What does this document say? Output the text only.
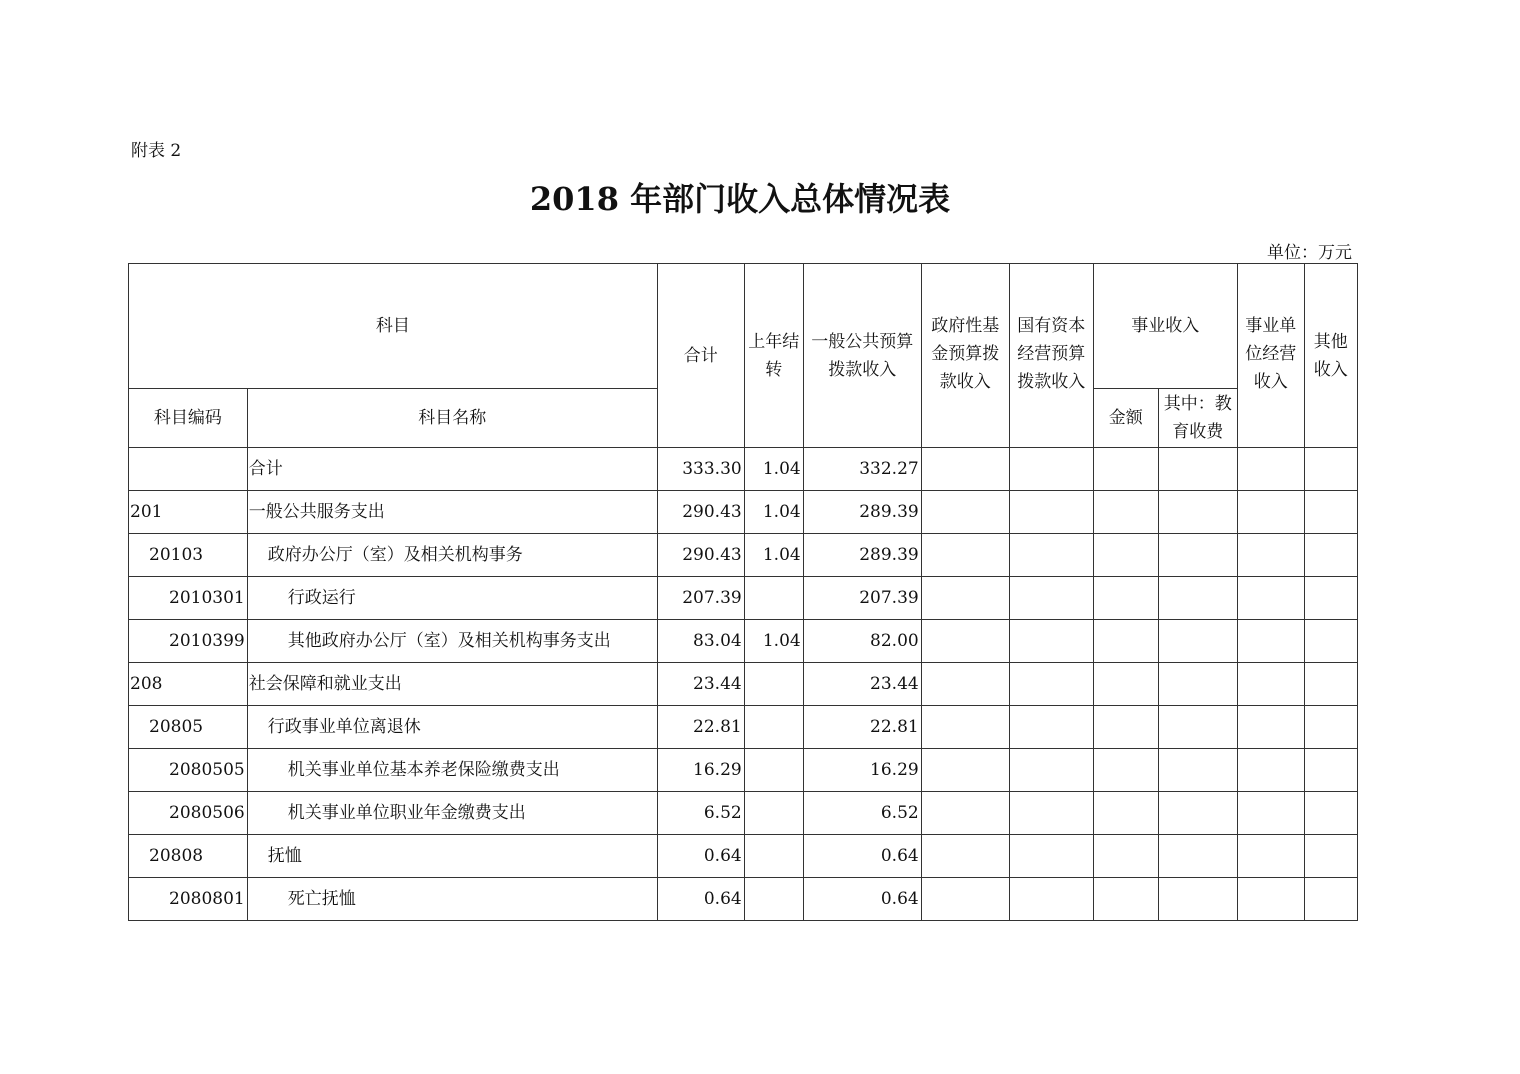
附表 2
2018 年部门收入总体情况表
单位：万元
科目		合计	上年结转	一般公共预算拨款收入	政府性基金预算拨款收入	国有资本经营预算拨款收入	事业收入		事业单位经营收入	其他收入
科目编码	科目名称						金额	其中：教育收费		
	合计	333.30	1.04	332.27						
201	一般公共服务支出	290.43	1.04	289.39						
20103	政府办公厅（室）及相关机构事务	290.43	1.04	289.39						
2010301	行政运行	207.39		207.39						
2010399	其他政府办公厅（室）及相关机构事务支出	83.04	1.04	82.00						
208	社会保障和就业支出	23.44		23.44						
20805	行政事业单位离退休	22.81		22.81						
2080505	机关事业单位基本养老保险缴费支出	16.29		16.29						
2080506	机关事业单位职业年金缴费支出	6.52		6.52						
20808	抚恤	0.64		0.64						
2080801	死亡抚恤	0.64		0.64						
